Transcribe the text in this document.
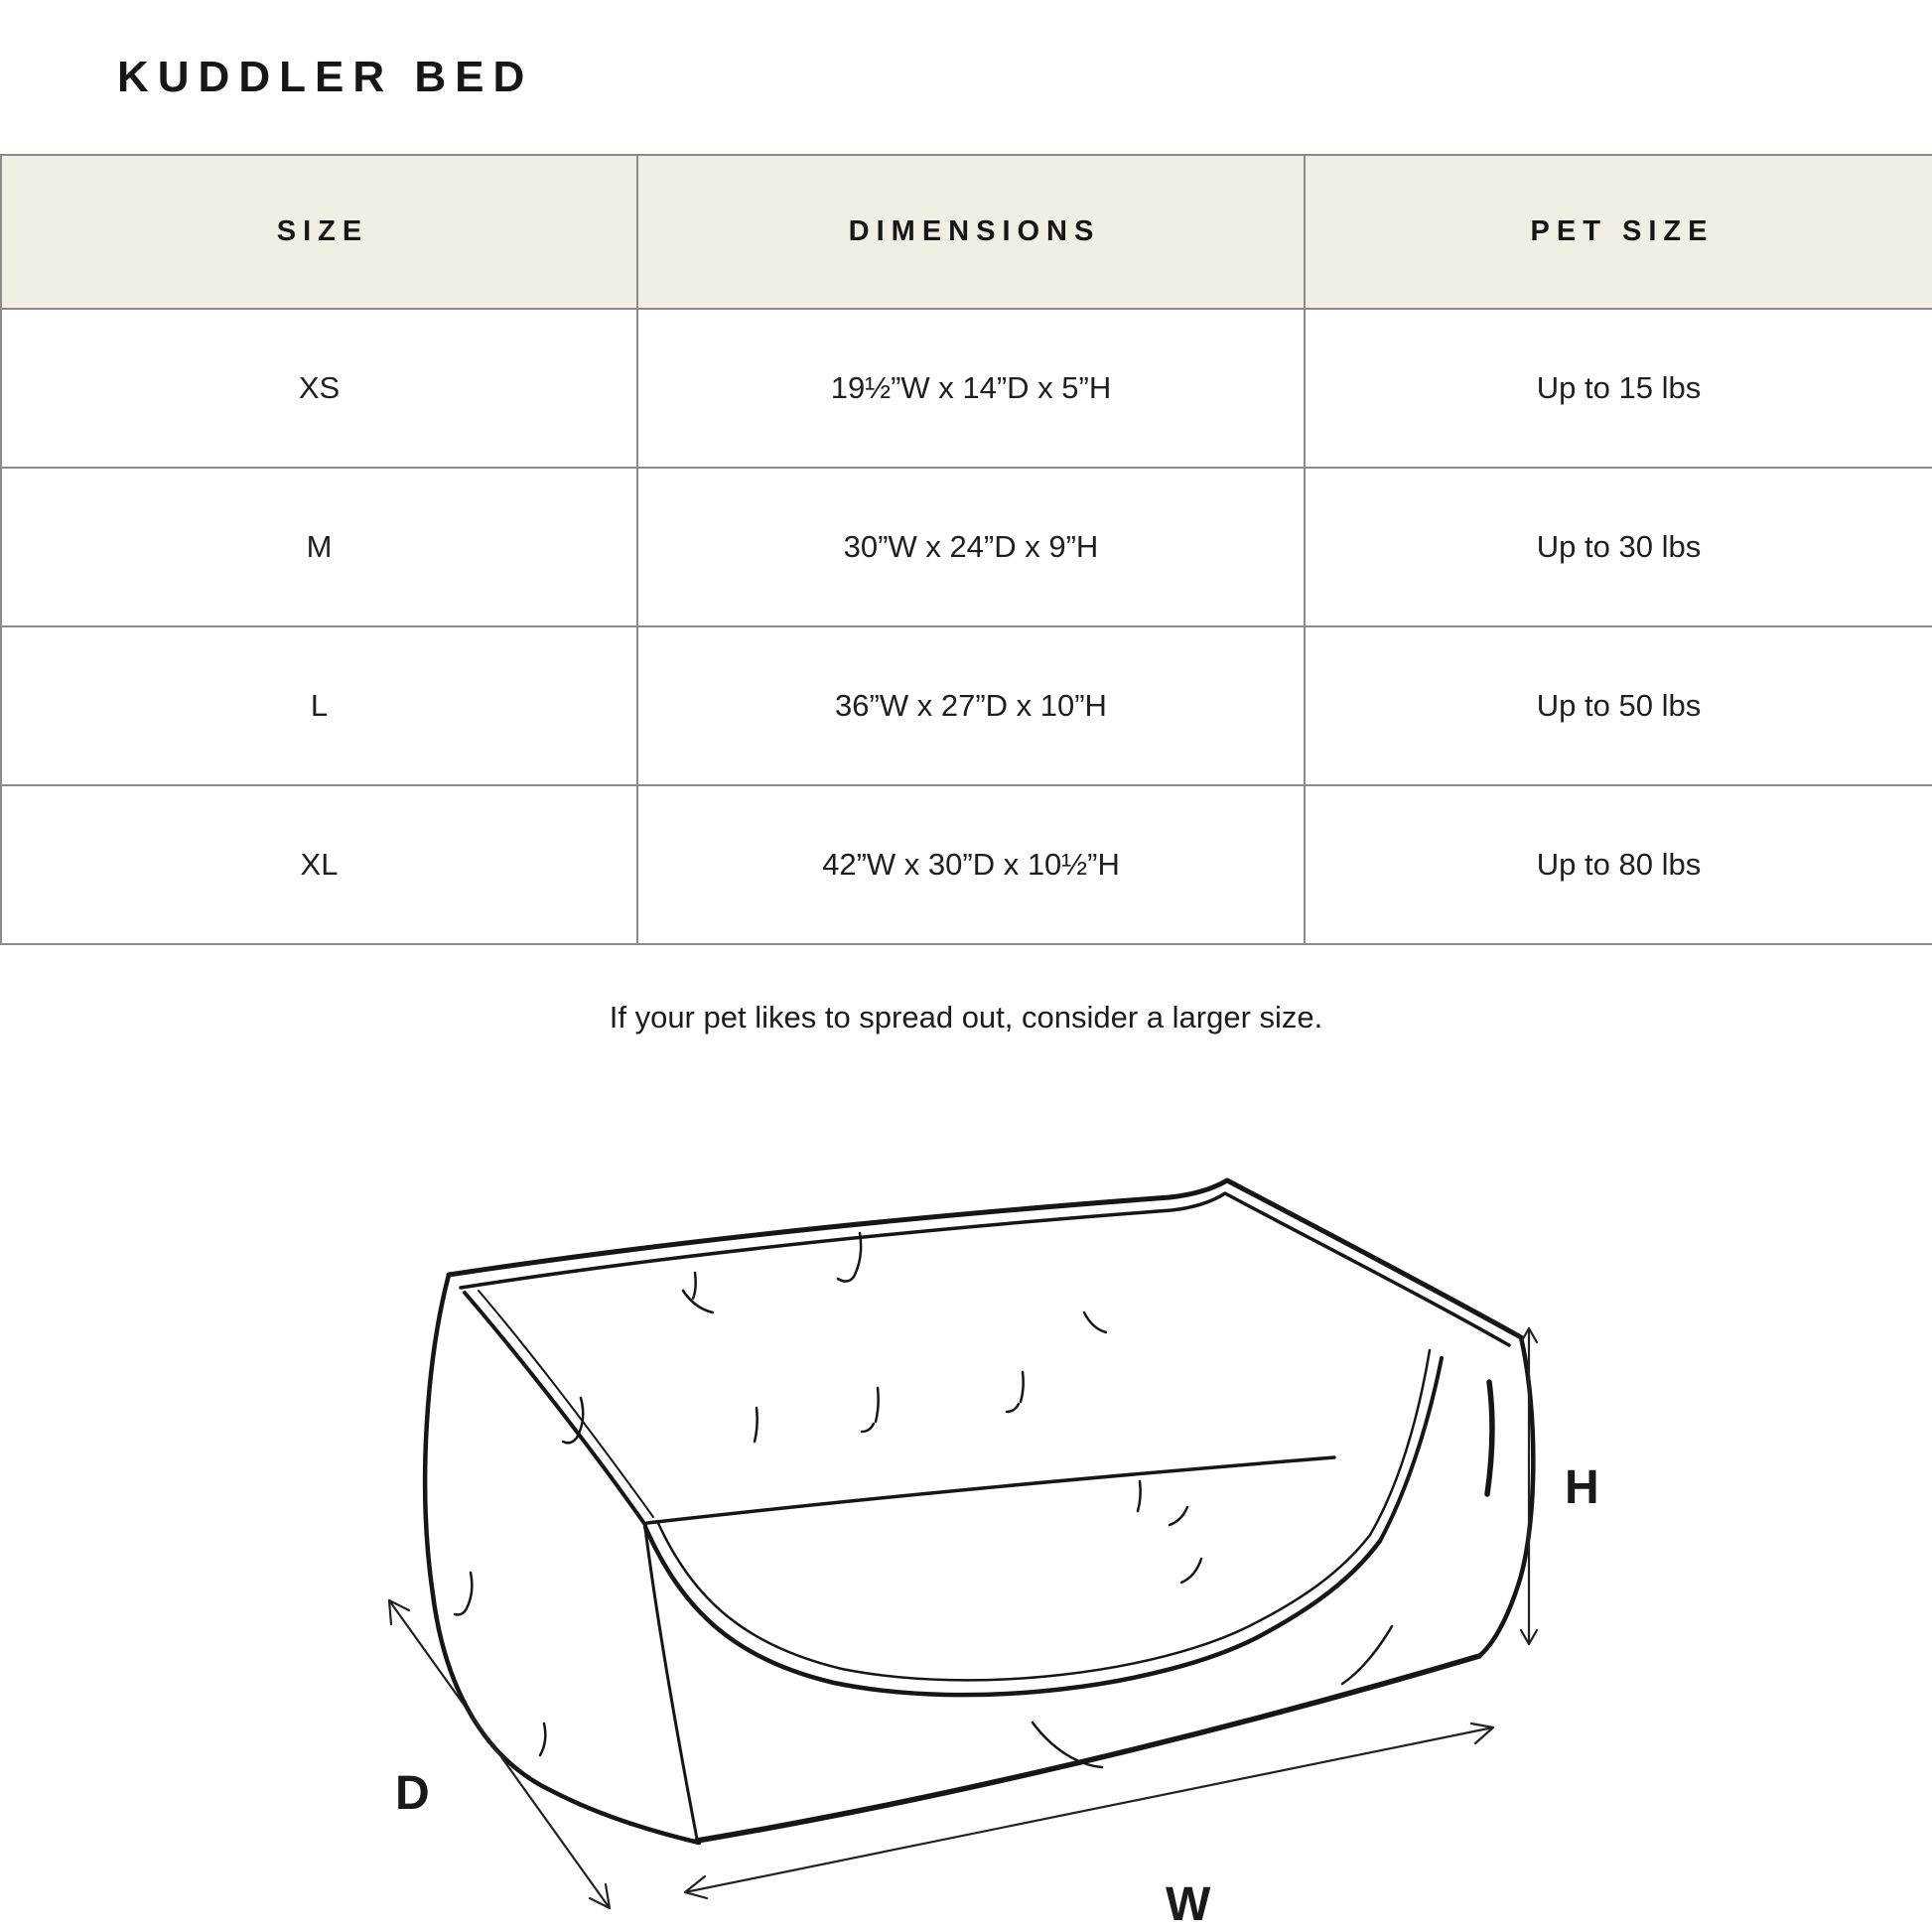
KUDDLER BED
SIZE	DIMENSIONS	PET SIZE
XS	19½”W x 14”D x 5”H	Up to 15 lbs
M	30”W x 24”D x 9”H	Up to 30 lbs
L	36”W x 27”D x 10”H	Up to 50 lbs
XL	42”W x 30”D x 10½”H	Up to 80 lbs
If your pet likes to spread out, consider a larger size.
D
W
H
